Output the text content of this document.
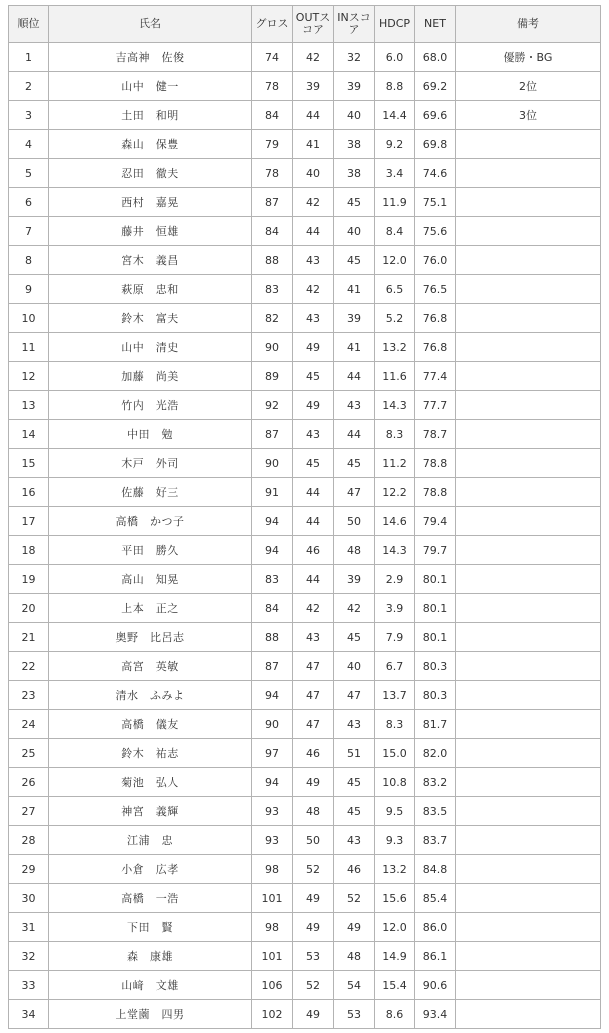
順位	氏名	グロス	OUTスコア	INスコア	HDCP	NET	備考
1	吉高神　佐俊	74	42	32	6.0	68.0	優勝・BG
2	山中　健一	78	39	39	8.8	69.2	2位
3	土田　和明	84	44	40	14.4	69.6	3位
4	森山　保豊	79	41	38	9.2	69.8	
5	忍田　徹夫	78	40	38	3.4	74.6	
6	西村　嘉晃	87	42	45	11.9	75.1	
7	藤井　恒雄	84	44	40	8.4	75.6	
8	宮木　義昌	88	43	45	12.0	76.0	
9	萩原　忠和	83	42	41	6.5	76.5	
10	鈴木　富夫	82	43	39	5.2	76.8	
11	山中　清史	90	49	41	13.2	76.8	
12	加藤　尚美	89	45	44	11.6	77.4	
13	竹内　光浩	92	49	43	14.3	77.7	
14	中田　勉	87	43	44	8.3	78.7	
15	木戸　外司	90	45	45	11.2	78.8	
16	佐藤　好三	91	44	47	12.2	78.8	
17	高橋　かつ子	94	44	50	14.6	79.4	
18	平田　勝久	94	46	48	14.3	79.7	
19	高山　知晃	83	44	39	2.9	80.1	
20	上本　正之	84	42	42	3.9	80.1	
21	奥野　比呂志	88	43	45	7.9	80.1	
22	高宮　英敏	87	47	40	6.7	80.3	
23	清水　ふみよ	94	47	47	13.7	80.3	
24	高橋　儀友	90	47	43	8.3	81.7	
25	鈴木　祐志	97	46	51	15.0	82.0	
26	菊池　弘人	94	49	45	10.8	83.2	
27	神宮　義輝	93	48	45	9.5	83.5	
28	江浦　忠	93	50	43	9.3	83.7	
29	小倉　広孝	98	52	46	13.2	84.8	
30	高橋　一浩	101	49	52	15.6	85.4	
31	下田　賢	98	49	49	12.0	86.0	
32	森　康雄	101	53	48	14.9	86.1	
33	山﨑　文雄	106	52	54	15.4	90.6	
34	上堂薗　四男	102	49	53	8.6	93.4	
